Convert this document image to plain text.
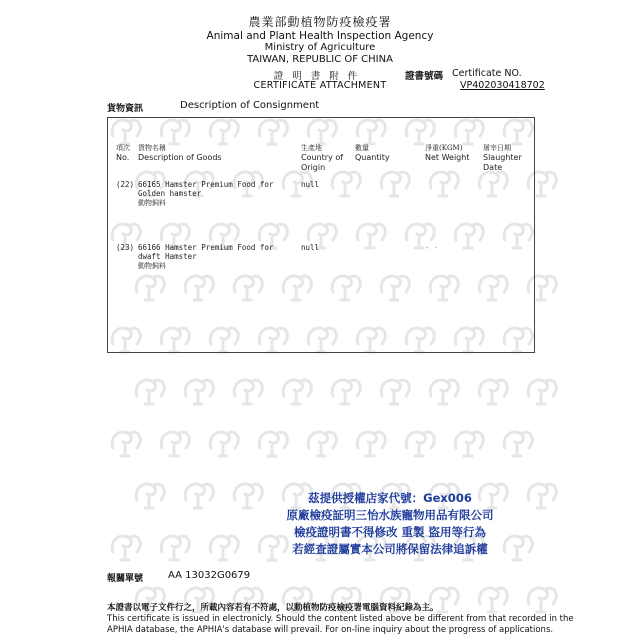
農業部動植物防疫檢疫署
Animal and Plant Health Inspection Agency
Ministry of Agriculture
TAIWAN, REPUBLIC OF CHINA
證明書附件
CERTIFICATE ATTACHMENT
證書號碼 Certificate NO.
VP402030418702
貨物資訊	Description of Consignment
項次
No.
貨物名稱
Description of Goods
生產地
Country of Origin
數量
Quantity
淨重(KGM)
Net Weight
屠宰日期
Slaughter Date
(22) 66165 Hamster Premium Food for Golden hamster
動物飼料
null
(23) 66166 Hamster Premium Food for dwaft Hamster
動物飼料
null	- -
茲提供授權店家代號：Gex006
原廠檢疫証明三怡水族寵物用品有限公司
檢疫證明書不得修改 重製 盜用等行為
若經查證屬實本公司將保留法律追訴權
報關單號 AA 13032G0679
本證書以電子文件行之，所載內容若有不符處，以動植物防疫檢疫署電腦資料紀錄為主。
This certificate is issued in electronicly. Should the content listed above be different from that recorded in the
APHIA database, the APHIA's database will prevail. For on-line inquiry about the progress of applications.
